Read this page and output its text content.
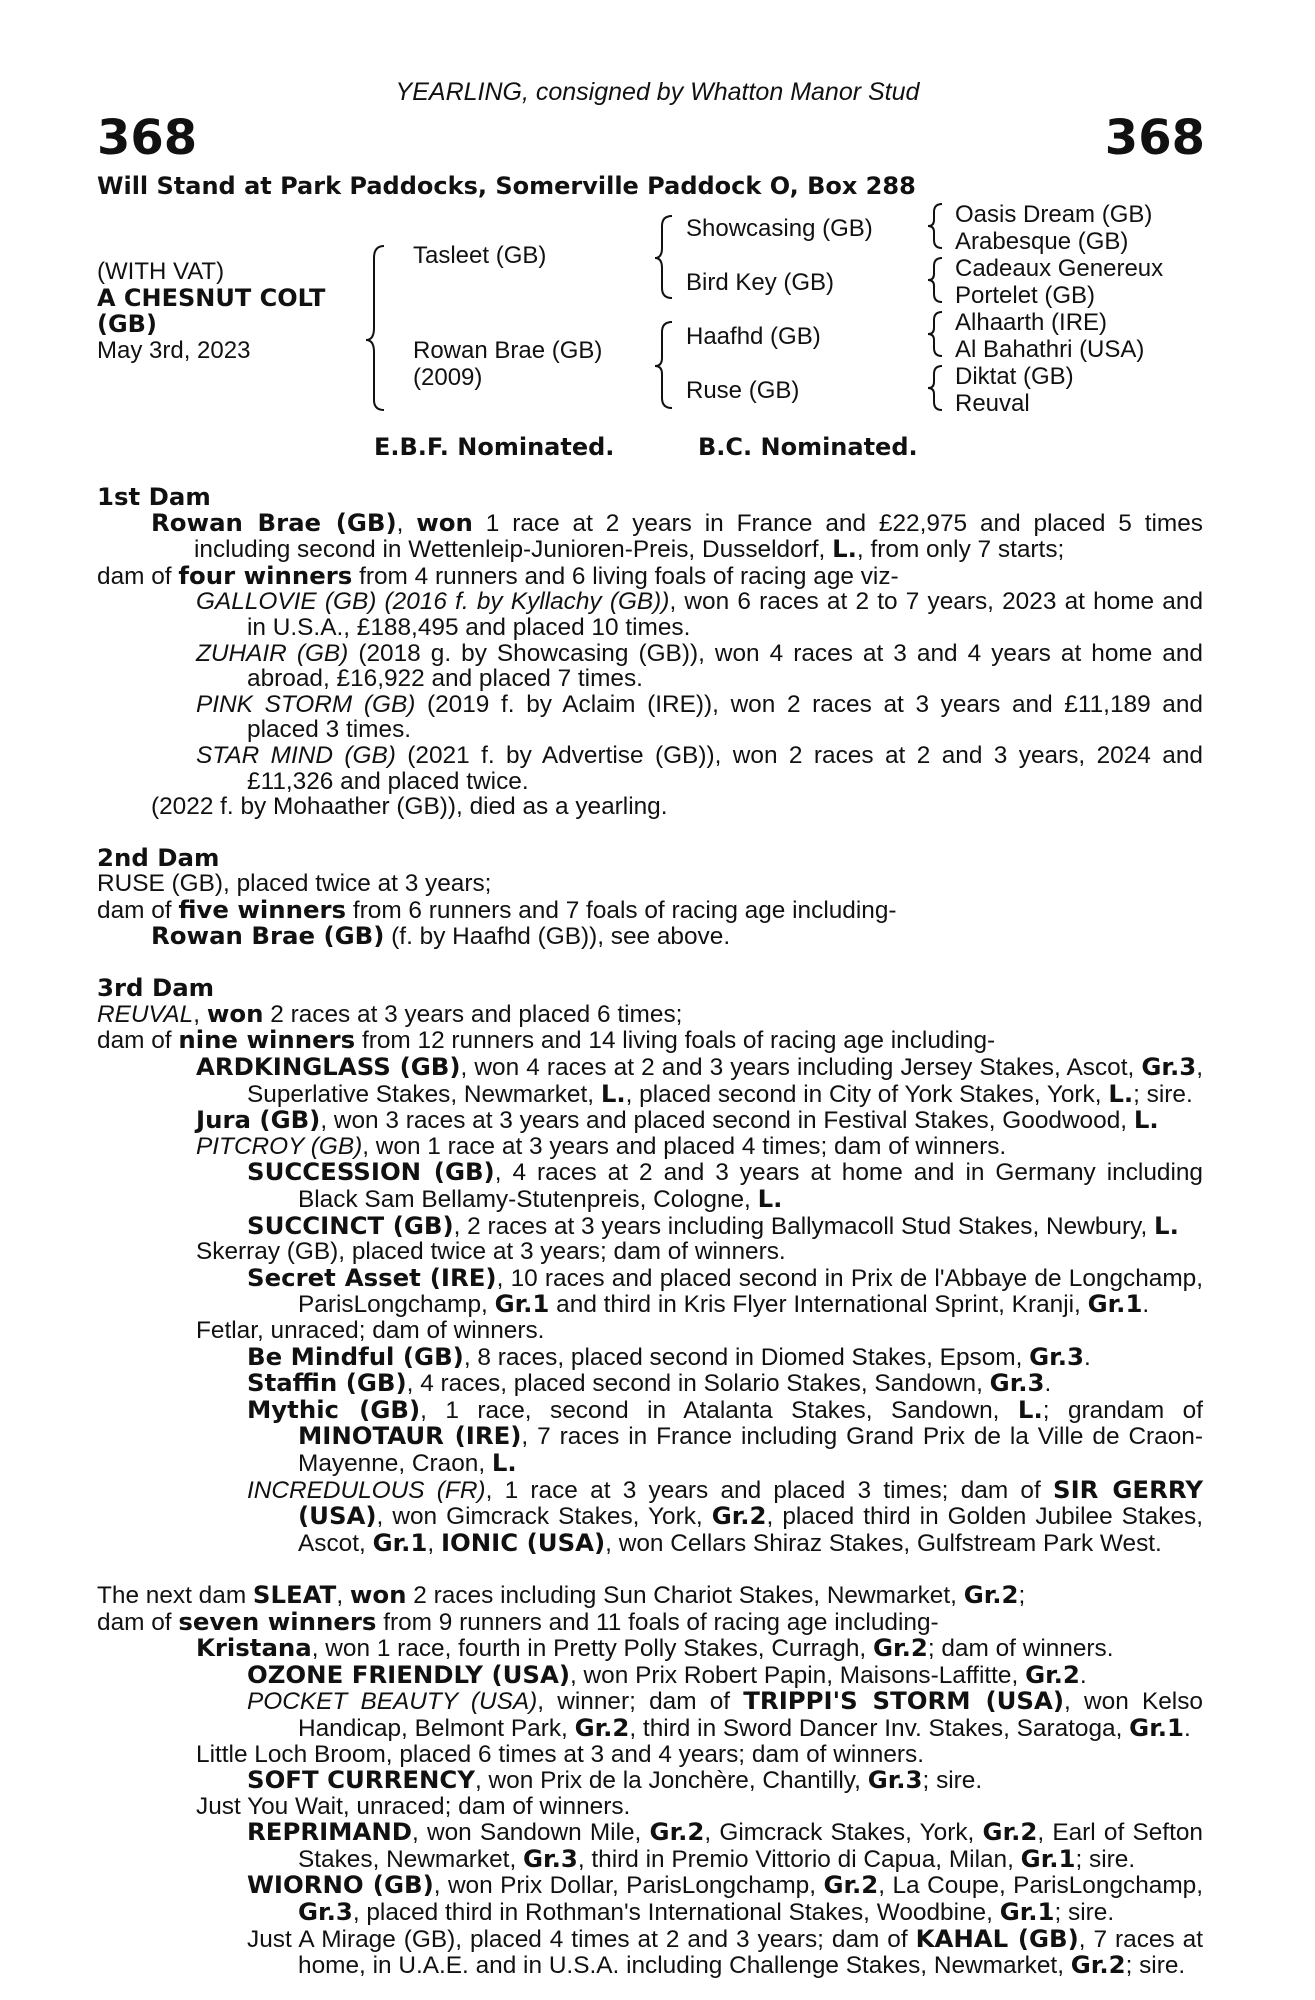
YEARLING, consigned by Whatton Manor Stud
368	368
Will Stand at Park Paddocks, Somerville Paddock O, Box 288
(WITH VAT)
A CHESNUT COLT
(GB)
May 3rd, 2023
Tasleet (GB)
Rowan Brae (GB)
(2009)
Showcasing (GB)
Bird Key (GB)
Haafhd (GB)
Ruse (GB)
Oasis Dream (GB)
Arabesque (GB)
Cadeaux Genereux
Portelet (GB)
Alhaarth (IRE)
Al Bahathri (USA)
Diktat (GB)
Reuval
E.B.F. Nominated.	B.C. Nominated.

1st Dam

Rowan Brae (GB), won 1 race at 2 years in France and £22,975 and placed 5 times including second in Wettenleip-Junioren-Preis, Dusseldorf, L., from only 7 starts;

dam of four winners from 4 runners and 6 living foals of racing age viz-

GALLOVIE (GB) (2016 f. by Kyllachy (GB)), won 6 races at 2 to 7 years, 2023 at home and in U.S.A., £188,495 and placed 10 times.

ZUHAIR (GB) (2018 g. by Showcasing (GB)), won 4 races at 3 and 4 years at home and abroad, £16,922 and placed 7 times.

PINK STORM (GB) (2019 f. by Aclaim (IRE)), won 2 races at 3 years and £11,189 and placed 3 times.

STAR MIND (GB) (2021 f. by Advertise (GB)), won 2 races at 2 and 3 years, 2024 and £11,326 and placed twice.

(2022 f. by Mohaather (GB)), died as a yearling.

2nd Dam

RUSE (GB), placed twice at 3 years;

dam of five winners from 6 runners and 7 foals of racing age including-

Rowan Brae (GB) (f. by Haafhd (GB)), see above.

3rd Dam

REUVAL, won 2 races at 3 years and placed 6 times;

dam of nine winners from 12 runners and 14 living foals of racing age including-

ARDKINGLASS (GB), won 4 races at 2 and 3 years including Jersey Stakes, Ascot, Gr.3, Superlative Stakes, Newmarket, L., placed second in City of York Stakes, York, L.; sire.

Jura (GB), won 3 races at 3 years and placed second in Festival Stakes, Goodwood, L.

PITCROY (GB), won 1 race at 3 years and placed 4 times; dam of winners.

SUCCESSION (GB), 4 races at 2 and 3 years at home and in Germany including Black Sam Bellamy-Stutenpreis, Cologne, L.

SUCCINCT (GB), 2 races at 3 years including Ballymacoll Stud Stakes, Newbury, L.

Skerray (GB), placed twice at 3 years; dam of winners.

Secret Asset (IRE), 10 races and placed second in Prix de l'Abbaye de Longchamp, ParisLongchamp, Gr.1 and third in Kris Flyer International Sprint, Kranji, Gr.1.

Fetlar, unraced; dam of winners.

Be Mindful (GB), 8 races, placed second in Diomed Stakes, Epsom, Gr.3.

Staffin (GB), 4 races, placed second in Solario Stakes, Sandown, Gr.3.

Mythic (GB), 1 race, second in Atalanta Stakes, Sandown, L.; grandam of MINOTAUR (IRE), 7 races in France including Grand Prix de la Ville de Craon-Mayenne, Craon, L.

INCREDULOUS (FR), 1 race at 3 years and placed 3 times; dam of SIR GERRY (USA), won Gimcrack Stakes, York, Gr.2, placed third in Golden Jubilee Stakes, Ascot, Gr.1, IONIC (USA), won Cellars Shiraz Stakes, Gulfstream Park West.

The next dam SLEAT, won 2 races including Sun Chariot Stakes, Newmarket, Gr.2;

dam of seven winners from 9 runners and 11 foals of racing age including-

Kristana, won 1 race, fourth in Pretty Polly Stakes, Curragh, Gr.2; dam of winners.

OZONE FRIENDLY (USA), won Prix Robert Papin, Maisons-Laffitte, Gr.2.

POCKET BEAUTY (USA), winner; dam of TRIPPI'S STORM (USA), won Kelso Handicap, Belmont Park, Gr.2, third in Sword Dancer Inv. Stakes, Saratoga, Gr.1.

Little Loch Broom, placed 6 times at 3 and 4 years; dam of winners.

SOFT CURRENCY, won Prix de la Jonchère, Chantilly, Gr.3; sire.

Just You Wait, unraced; dam of winners.

REPRIMAND, won Sandown Mile, Gr.2, Gimcrack Stakes, York, Gr.2, Earl of Sefton Stakes, Newmarket, Gr.3, third in Premio Vittorio di Capua, Milan, Gr.1; sire.

WIORNO (GB), won Prix Dollar, ParisLongchamp, Gr.2, La Coupe, ParisLongchamp, Gr.3, placed third in Rothman's International Stakes, Woodbine, Gr.1; sire.

Just A Mirage (GB), placed 4 times at 2 and 3 years; dam of KAHAL (GB), 7 races at home, in U.A.E. and in U.S.A. including Challenge Stakes, Newmarket, Gr.2; sire.
